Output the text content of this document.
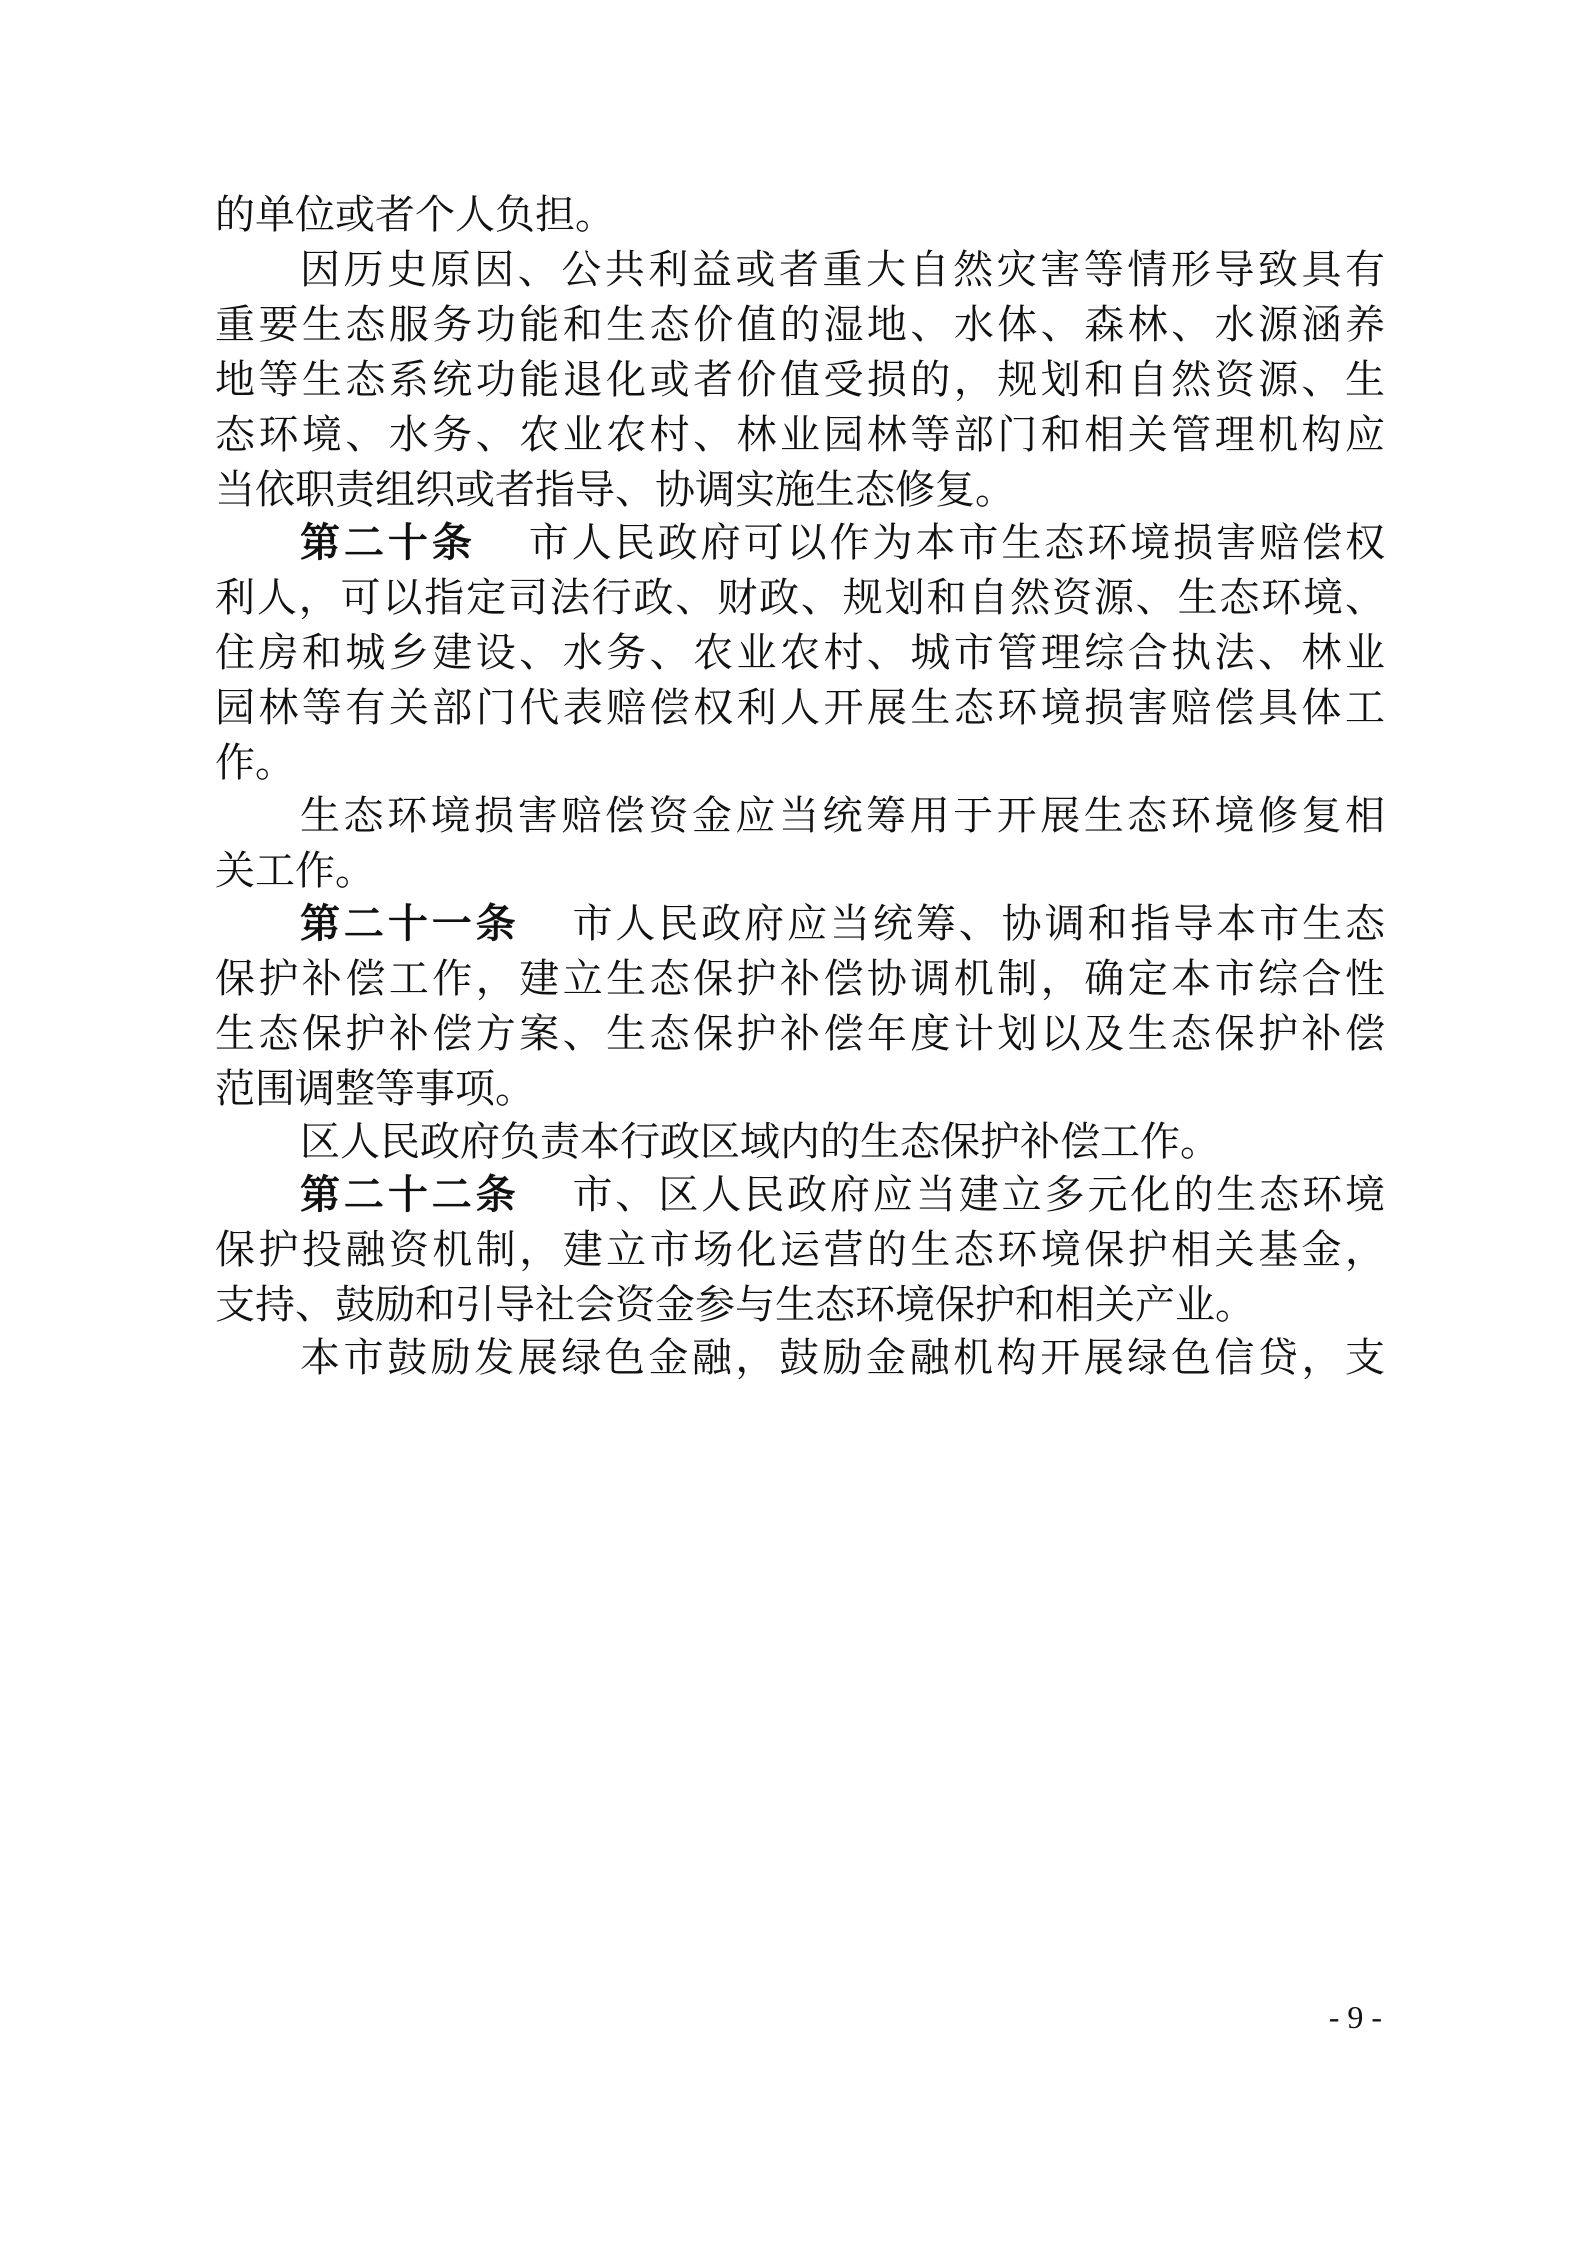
的单位或者个人负担。
因历史原因、公共利益或者重大自然灾害等情形导致具有
重要生态服务功能和生态价值的湿地、水体、森林、水源涵养
地等生态系统功能退化或者价值受损的，规划和自然资源、生
态环境、水务、农业农村、林业园林等部门和相关管理机构应
当依职责组织或者指导、协调实施生态修复。
第二十条 市人民政府可以作为本市生态环境损害赔偿权
利人，可以指定司法行政、财政、规划和自然资源、生态环境、
住房和城乡建设、水务、农业农村、城市管理综合执法、林业
园林等有关部门代表赔偿权利人开展生态环境损害赔偿具体工
作。
生态环境损害赔偿资金应当统筹用于开展生态环境修复相
关工作。
第二十一条 市人民政府应当统筹、协调和指导本市生态
保护补偿工作，建立生态保护补偿协调机制，确定本市综合性
生态保护补偿方案、生态保护补偿年度计划以及生态保护补偿
范围调整等事项。
区人民政府负责本行政区域内的生态保护补偿工作。
第二十二条 市、区人民政府应当建立多元化的生态环境
保护投融资机制，建立市场化运营的生态环境保护相关基金，
支持、鼓励和引导社会资金参与生态环境保护和相关产业。
本市鼓励发展绿色金融，鼓励金融机构开展绿色信贷，支
- 9 -
